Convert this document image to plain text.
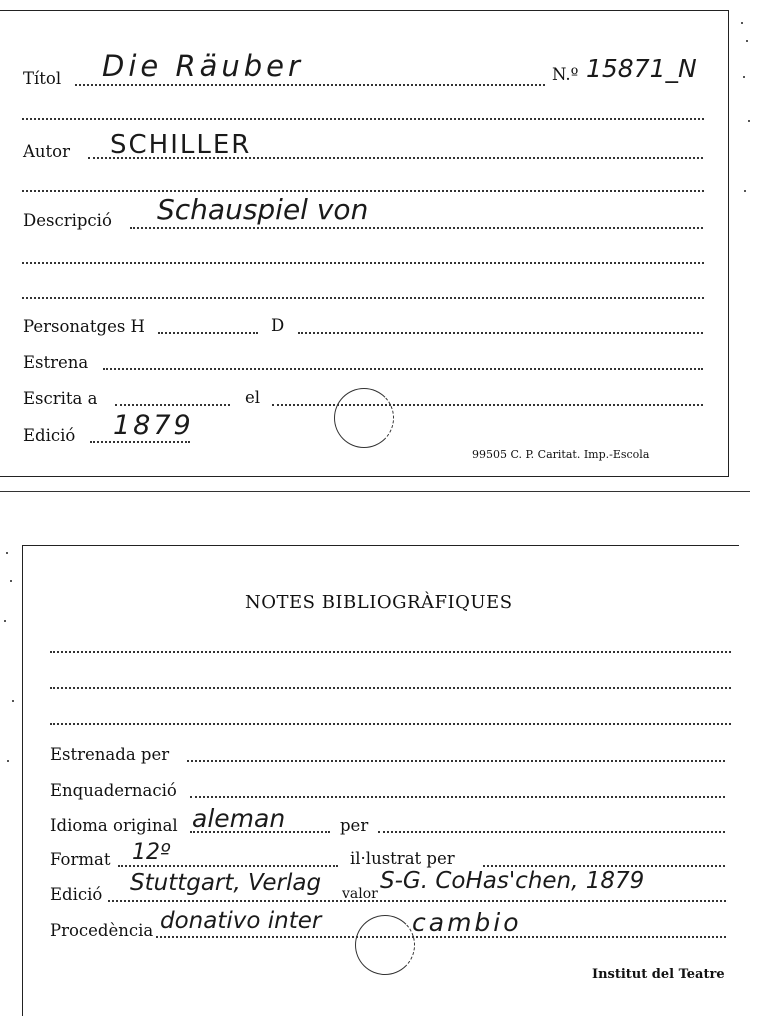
Títol Die Räuber	N.º 15871_N
Autor SCHILLER
Descripció Schauspiel von
Personatges H	D
Estrena
Escrita a	el
Edició 1879
99505 C. P. Caritat. Imp.-Escola
NOTES BIBLIOGRÀFIQUES
Estrenada per
Enquadernació
Idioma original aleman	per
Format 12º	il·lustrat per
Edició Stuttgart, Verlag valor S-G. CoHas'chen, 1879
Procedència donativo inter	cambio
Institut del Teatre
